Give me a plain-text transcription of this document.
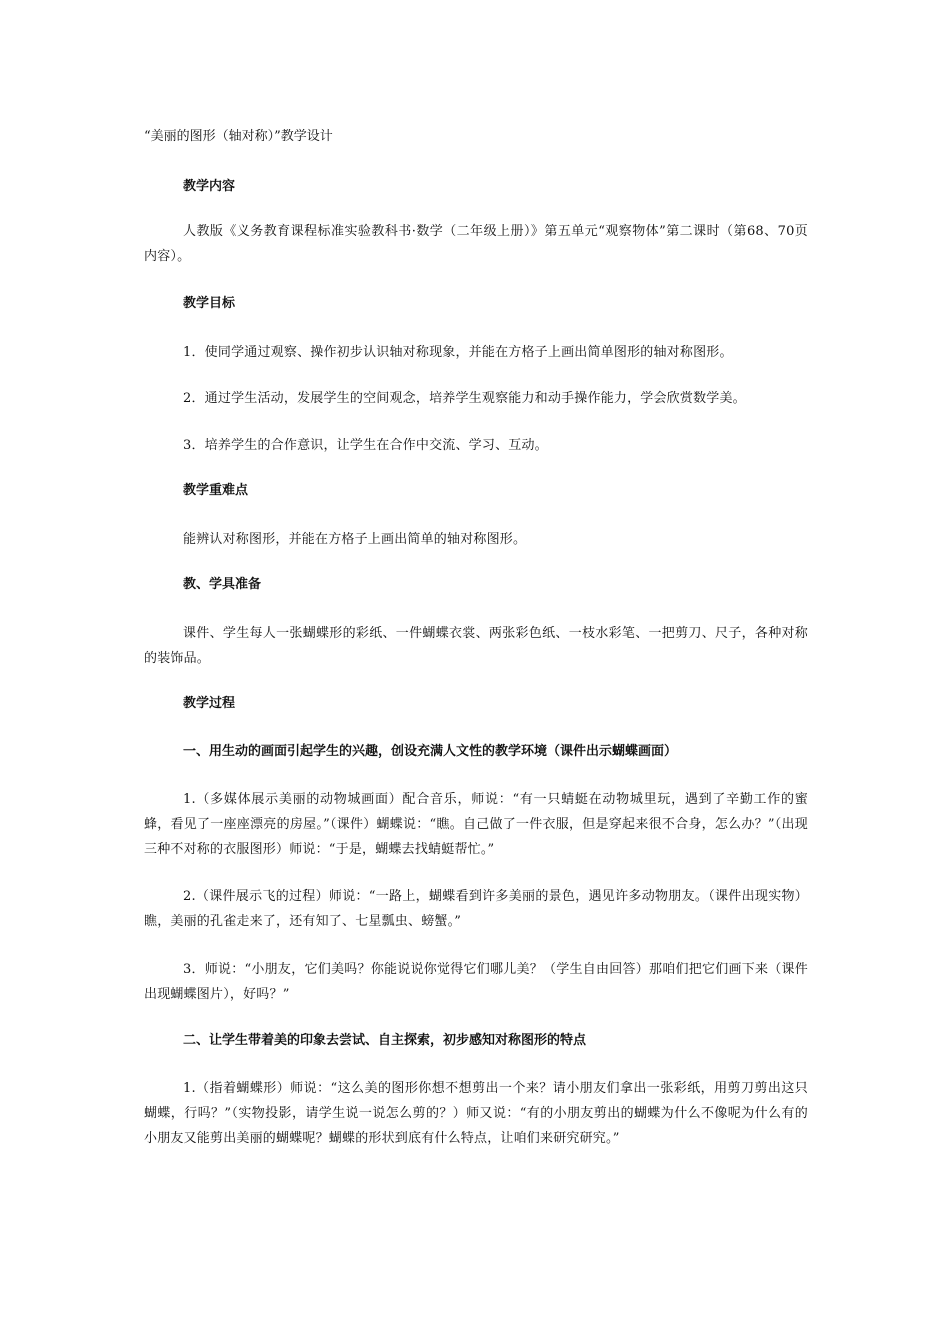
“美丽的图形（轴对称）”教学设计
教学内容
人教版《义务教育课程标准实验教科书·数学（二年级上册）》第五单元“观察物体”第二课时（第68、70页内容）。
教学目标
1．使同学通过观察、操作初步认识轴对称现象，并能在方格子上画出简单图形的轴对称图形。
2．通过学生活动，发展学生的空间观念，培养学生观察能力和动手操作能力，学会欣赏数学美。
3．培养学生的合作意识，让学生在合作中交流、学习、互动。
教学重难点
能辨认对称图形，并能在方格子上画出简单的轴对称图形。
教、学具准备
课件、学生每人一张蝴蝶形的彩纸、一件蝴蝶衣裳、两张彩色纸、一枝水彩笔、一把剪刀、尺子，各种对称的装饰品。
教学过程
一、用生动的画面引起学生的兴趣，创设充满人文性的教学环境（课件出示蝴蝶画面）
1.（多媒体展示美丽的动物城画面）配合音乐，师说：“有一只蜻蜓在动物城里玩，遇到了辛勤工作的蜜蜂，看见了一座座漂亮的房屋。”（课件）蝴蝶说：“瞧。自己做了一件衣服，但是穿起来很不合身，怎么办？”（出现三种不对称的衣服图形）师说：“于是，蝴蝶去找蜻蜓帮忙。”
2.（课件展示飞的过程）师说：“一路上，蝴蝶看到许多美丽的景色，遇见许多动物朋友。（课件出现实物）瞧，美丽的孔雀走来了，还有知了、七星瓢虫、螃蟹。”
3．师说：“小朋友，它们美吗？你能说说你觉得它们哪儿美？（学生自由回答）那咱们把它们画下来（课件出现蝴蝶图片），好吗？”
二、让学生带着美的印象去尝试、自主探索，初步感知对称图形的特点
1.（指着蝴蝶形）师说：“这么美的图形你想不想剪出一个来？请小朋友们拿出一张彩纸，用剪刀剪出这只蝴蝶，行吗？”（实物投影，请学生说一说怎么剪的？）师又说：“有的小朋友剪出的蝴蝶为什么不像呢为什么有的小朋友又能剪出美丽的蝴蝶呢？蝴蝶的形状到底有什么特点，让咱们来研究研究。”
